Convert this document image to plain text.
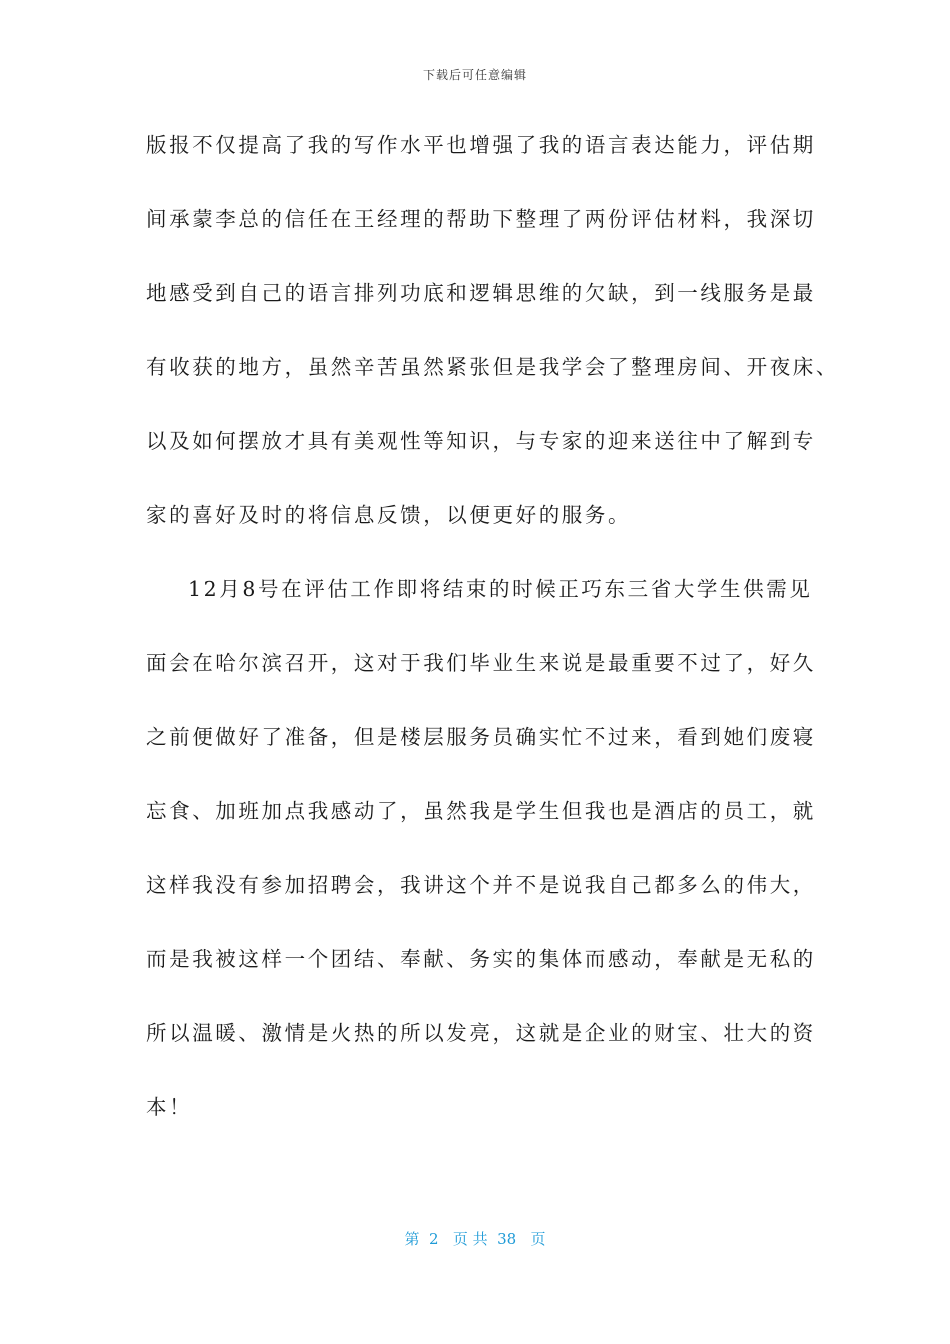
下载后可任意编辑
版报不仅提高了我的写作水平也增强了我的语言表达能力，评估期
间承蒙李总的信任在王经理的帮助下整理了两份评估材料，我深切
地感受到自己的语言排列功底和逻辑思维的欠缺，到一线服务是最
有收获的地方，虽然辛苦虽然紧张但是我学会了整理房间、开夜床、
以及如何摆放才具有美观性等知识，与专家的迎来送往中了解到专
家的喜好及时的将信息反馈，以便更好的服务。
12月8号在评估工作即将结束的时候正巧东三省大学生供需见
面会在哈尔滨召开，这对于我们毕业生来说是最重要不过了，好久
之前便做好了准备，但是楼层服务员确实忙不过来，看到她们废寝
忘食、加班加点我感动了，虽然我是学生但我也是酒店的员工，就
这样我没有参加招聘会，我讲这个并不是说我自己都多么的伟大，
而是我被这样一个团结、奉献、务实的集体而感动，奉献是无私的
所以温暖、激情是火热的所以发亮，这就是企业的财宝、壮大的资
本！
第  2   页 共  38   页
